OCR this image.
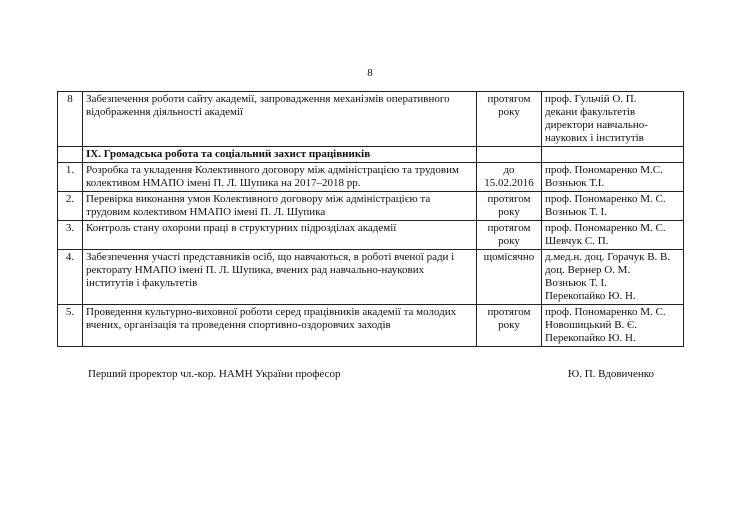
8
8	Забезпечення роботи сайту академії, запровадження механізмів оперативного відображення діяльності академії	протягом року	проф. Гульчій О. П.
декани факультетів
директори навчально-
наукових і інститутів

	ІХ. Громадська робота та соціальний захист працівників		
1.	Розробка та укладення Колективного договору між адміністрацією та трудовим колективом НМАПО імені П. Л. Шупика на 2017–2018 рр.	до 15.02.2016	проф. Пономаренко М.С.
Возньюк Т.І.

2.	Перевірка виконання умов Колективного договору між адміністрацією та трудовим колективом НМАПО імені П. Л. Шупика	протягом року	проф. Пономаренко М. С.
Возньюк Т. І.

3.	Контроль стану охорони праці в структурних підрозділах академії	протягом року	проф. Пономаренко М. С.
Шевчук С. П.

4.	Забезпечення участі представників осіб, що навчаються, в роботі вченої ради і ректорату НМАПО імені П. Л. Шупика, вчених рад навчально-наукових інститутів і факультетів	щомісячно	д.мед.н. доц. Горачук В. В.
доц. Вернер О. М.
Возньюк Т. І.
Перекопайко Ю. Н.

5.	Проведення культурно-виховної роботи серед працівників академії та молодих вчених, організація та проведення спортивно-оздоровчих заходів	протягом року	проф. Пономаренко М. С.
Новошицький В. Є.
Перекопайко Ю. Н.
Перший проректор чл.-кор. НАМН України професор	Ю. П. Вдовиченко
